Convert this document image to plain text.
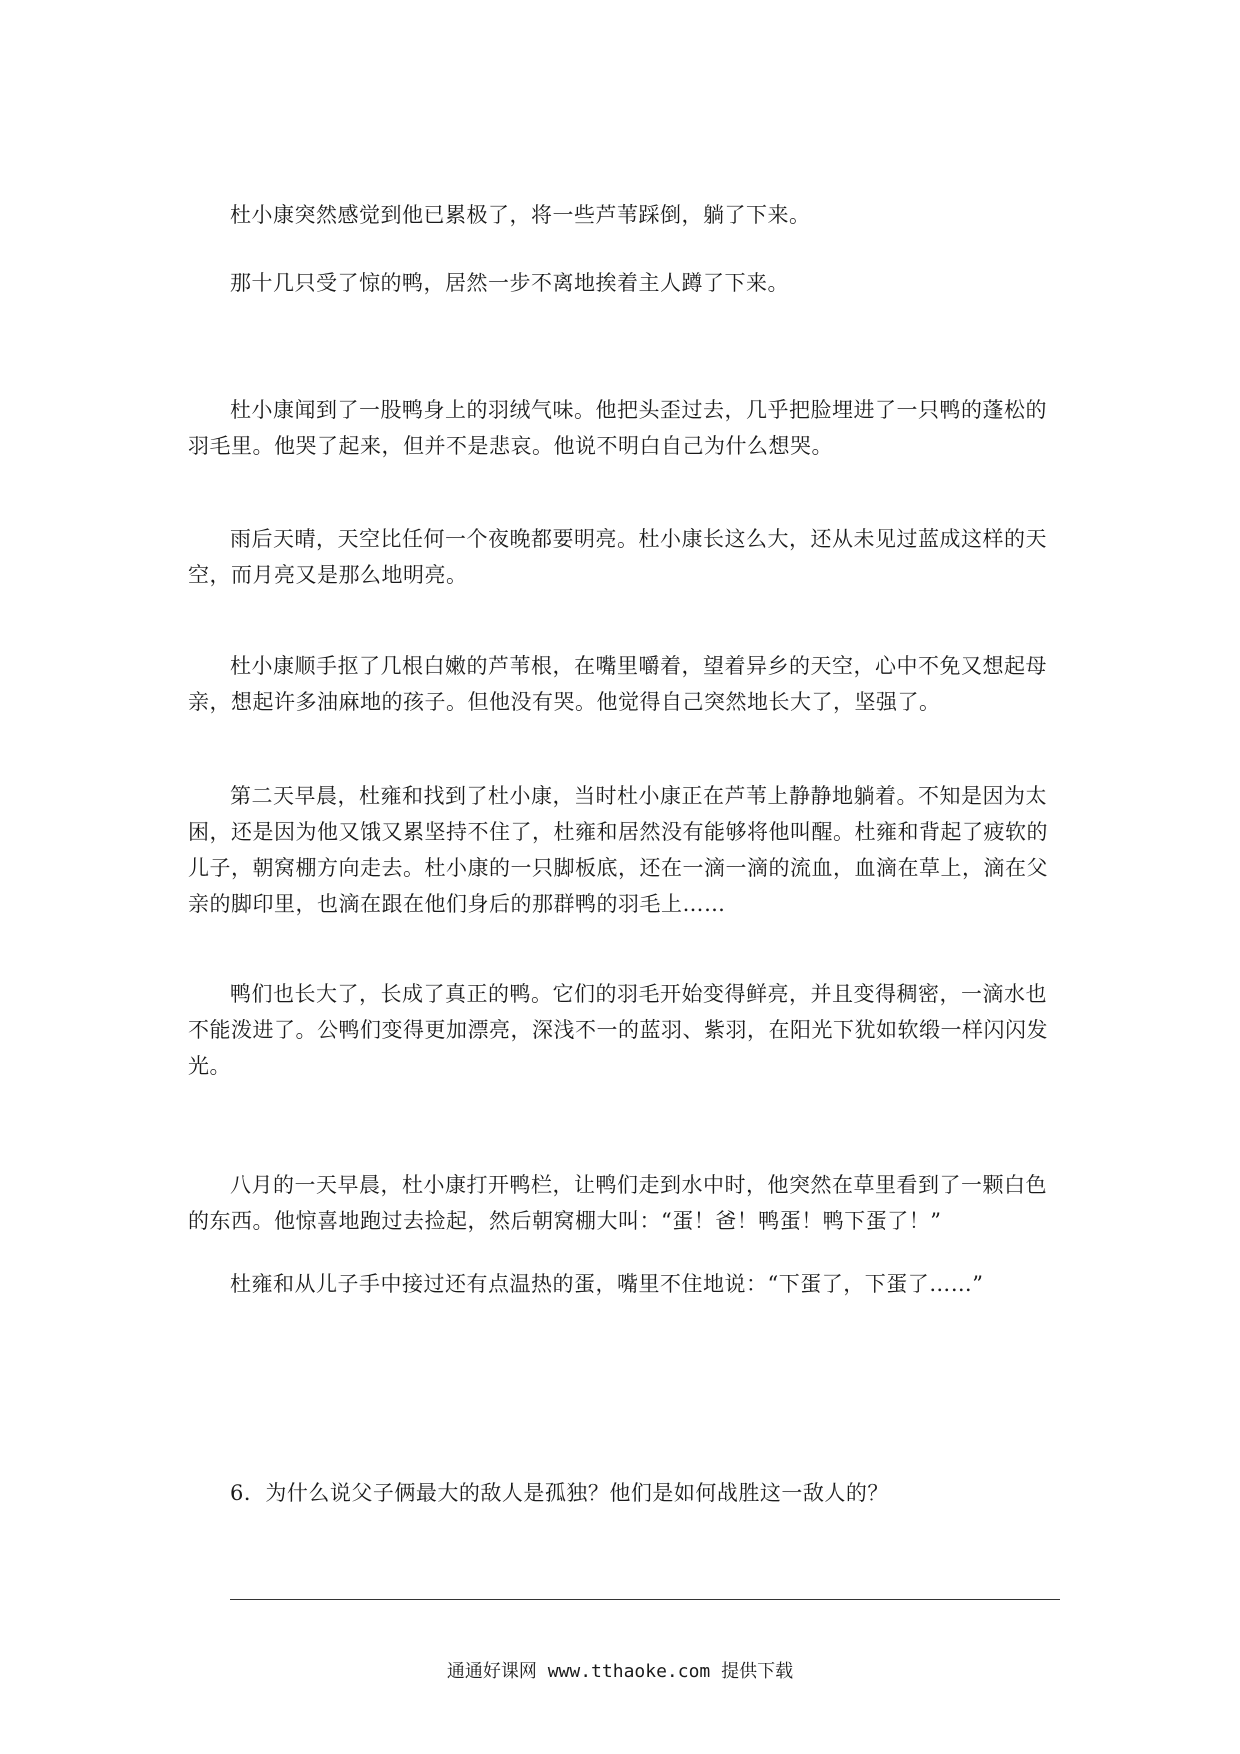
杜小康突然感觉到他已累极了，将一些芦苇踩倒，躺了下来。

那十几只受了惊的鸭，居然一步不离地挨着主人蹲了下来。

杜小康闻到了一股鸭身上的羽绒气味。他把头歪过去，几乎把脸埋进了一只鸭的蓬松的羽毛里。他哭了起来，但并不是悲哀。他说不明白自己为什么想哭。

雨后天晴，天空比任何一个夜晚都要明亮。杜小康长这么大，还从未见过蓝成这样的天空，而月亮又是那么地明亮。

杜小康顺手抠了几根白嫩的芦苇根，在嘴里嚼着，望着异乡的天空，心中不免又想起母亲，想起许多油麻地的孩子。但他没有哭。他觉得自己突然地长大了，坚强了。

第二天早晨，杜雍和找到了杜小康，当时杜小康正在芦苇上静静地躺着。不知是因为太困，还是因为他又饿又累坚持不住了，杜雍和居然没有能够将他叫醒。杜雍和背起了疲软的儿子，朝窝棚方向走去。杜小康的一只脚板底，还在一滴一滴的流血，血滴在草上，滴在父亲的脚印里，也滴在跟在他们身后的那群鸭的羽毛上……

鸭们也长大了，长成了真正的鸭。它们的羽毛开始变得鲜亮，并且变得稠密，一滴水也不能泼进了。公鸭们变得更加漂亮，深浅不一的蓝羽、紫羽，在阳光下犹如软缎一样闪闪发光。

八月的一天早晨，杜小康打开鸭栏，让鸭们走到水中时，他突然在草里看到了一颗白色的东西。他惊喜地跑过去捡起，然后朝窝棚大叫：“蛋！爸！鸭蛋！鸭下蛋了！”

杜雍和从儿子手中接过还有点温热的蛋，嘴里不住地说：“下蛋了，下蛋了……”

6．为什么说父子俩最大的敌人是孤独？他们是如何战胜这一敌人的？

通通好课网 www.tthaoke.com 提供下载
